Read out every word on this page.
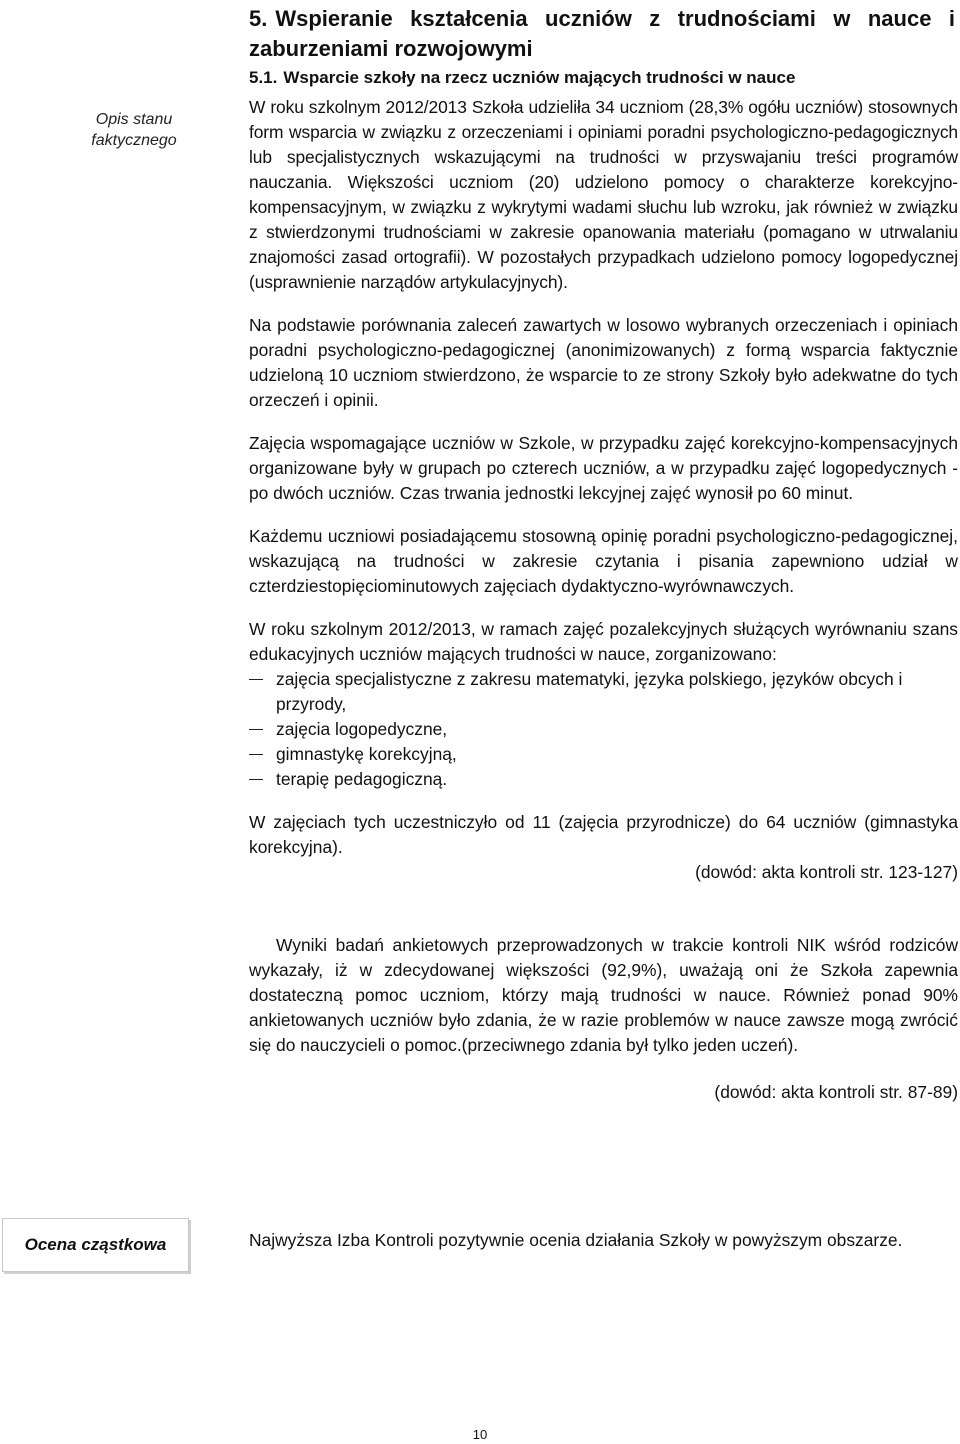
5. Wspieranie kształcenia uczniów z trudnościami w nauce i zaburzeniami rozwojowymi
5.1. Wsparcie szkoły na rzecz uczniów mających trudności w nauce
Opis stanu faktycznego

W roku szkolnym 2012/2013 Szkoła udzieliła 34 uczniom (28,3% ogółu uczniów) stosownych form wsparcia w związku z orzeczeniami i opiniami poradni psychologiczno-pedagogicznych lub specjalistycznych wskazującymi na trudności w przyswajaniu treści programów nauczania. Większości uczniom (20) udzielono pomocy o charakterze korekcyjno-kompensacyjnym, w związku z wykrytymi wadami słuchu lub wzroku, jak również w związku z stwierdzonymi trudnościami w zakresie opanowania materiału (pomagano w utrwalaniu znajomości zasad ortografii). W pozostałych przypadkach udzielono pomocy logopedycznej (usprawnienie narządów artykulacyjnych).

Na podstawie porównania zaleceń zawartych w losowo wybranych orzeczeniach i opiniach poradni psychologiczno-pedagogicznej (anonimizowanych) z formą wsparcia faktycznie udzieloną 10 uczniom stwierdzono, że wsparcie to ze strony Szkoły było adekwatne do tych orzeczeń i opinii.

Zajęcia wspomagające uczniów w Szkole, w przypadku zajęć korekcyjno-kompensacyjnych organizowane były w grupach po czterech uczniów, a w przypadku zajęć logopedycznych - po dwóch uczniów. Czas trwania jednostki lekcyjnej zajęć wynosił po 60 minut.

Każdemu uczniowi posiadającemu stosowną opinię poradni psychologiczno-pedagogicznej, wskazującą na trudności w zakresie czytania i pisania zapewniono udział w czterdziestopięciominutowych zajęciach dydaktyczno-wyrównawczych.

W roku szkolnym 2012/2013, w ramach zajęć pozalekcyjnych służących wyrównaniu szans edukacyjnych uczniów mających trudności w nauce, zorganizowano:

zajęcia specjalistyczne z zakresu matematyki, języka polskiego, języków obcych i przyrody,
zajęcia logopedyczne,
gimnastykę korekcyjną,
terapię pedagogiczną.

W zajęciach tych uczestniczyło od 11 (zajęcia przyrodnicze) do 64 uczniów (gimnastyka korekcyjna).

(dowód: akta kontroli str. 123-127)

Wyniki badań ankietowych przeprowadzonych w trakcie kontroli NIK wśród rodziców wykazały, iż w zdecydowanej większości (92,9%), uważają oni że Szkoła zapewnia dostateczną pomoc uczniom, którzy mają trudności w nauce. Również ponad 90% ankietowanych uczniów było zdania, że w razie problemów w nauce zawsze mogą zwrócić się do nauczycieli o pomoc.(przeciwnego zdania był tylko jeden uczeń).

(dowód: akta kontroli str. 87-89)

Ocena cząstkowa	Najwyższa Izba Kontroli pozytywnie ocenia działania Szkoły w powyższym obszarze.
10
